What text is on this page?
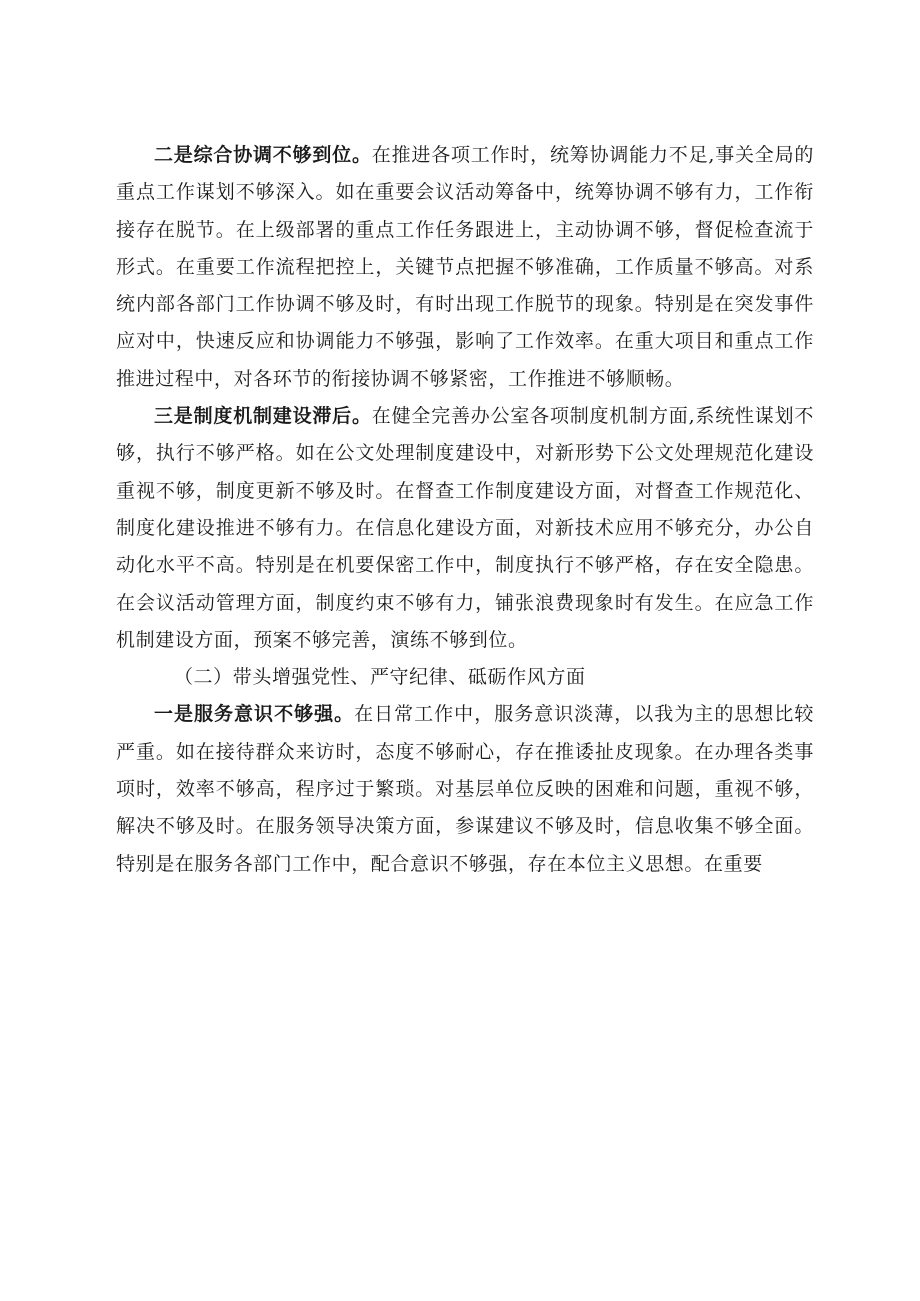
二是综合协调不够到位。在推进各项工作时，统筹协调能力不足,事关全局的重点工作谋划不够深入。如在重要会议活动筹备中，统筹协调不够有力，工作衔接存在脱节。在上级部署的重点工作任务跟进上，主动协调不够，督促检查流于形式。在重要工作流程把控上，关键节点把握不够准确，工作质量不够高。对系统内部各部门工作协调不够及时，有时出现工作脱节的现象。特别是在突发事件应对中，快速反应和协调能力不够强，影响了工作效率。在重大项目和重点工作推进过程中，对各环节的衔接协调不够紧密，工作推进不够顺畅。

三是制度机制建设滞后。在健全完善办公室各项制度机制方面,系统性谋划不够，执行不够严格。如在公文处理制度建设中，对新形势下公文处理规范化建设重视不够，制度更新不够及时。在督查工作制度建设方面，对督查工作规范化、制度化建设推进不够有力。在信息化建设方面，对新技术应用不够充分，办公自动化水平不高。特别是在机要保密工作中，制度执行不够严格，存在安全隐患。在会议活动管理方面，制度约束不够有力，铺张浪费现象时有发生。在应急工作机制建设方面，预案不够完善，演练不够到位。

（二）带头增强党性、严守纪律、砥砺作风方面

一是服务意识不够强。在日常工作中，服务意识淡薄，以我为主的思想比较严重。如在接待群众来访时，态度不够耐心，存在推诿扯皮现象。在办理各类事项时，效率不够高，程序过于繁琐。对基层单位反映的困难和问题，重视不够，解决不够及时。在服务领导决策方面，参谋建议不够及时，信息收集不够全面。特别是在服务各部门工作中，配合意识不够强，存在本位主义思想。在重要
